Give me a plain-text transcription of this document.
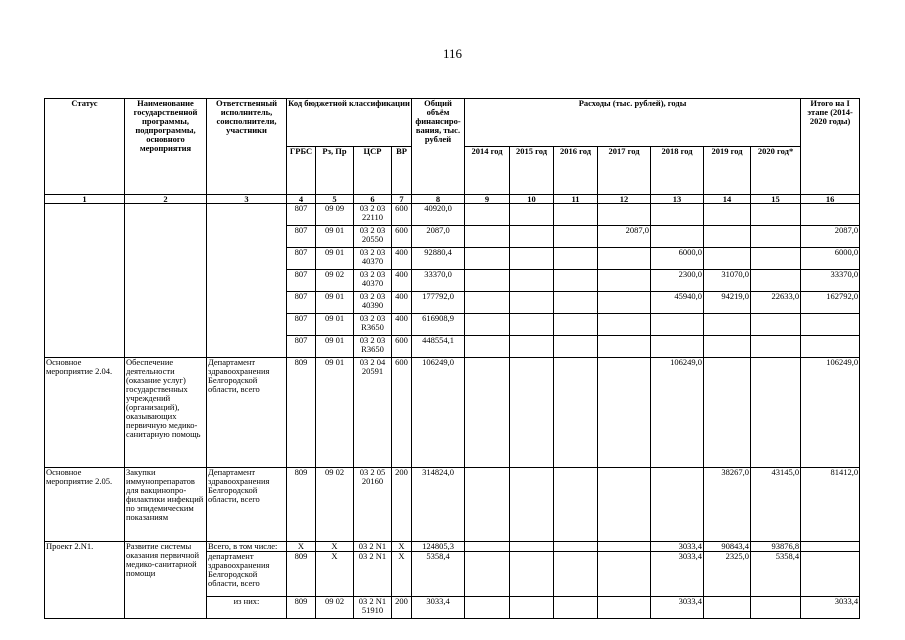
116
Статус	Наименование государственной программы, подпрограммы, основного мероприятия	Ответственный исполнитель, соисполнители, участники	Код бюджетной классификации				Общий объём финансиро-вания, тыс. рублей	Расходы (тыс. рублей), годы							Итого на I этапе (2014-2020 годы)
			ГРБС	Рз, Пр	ЦСР	ВР		2014 год	2015 год	2016 год	2017 год	2018 год	2019 год	2020 год*	
1	2	3	4	5	6	7	8	9	10	11	12	13	14	15	16
			807	09 09	03 2 03 22110	600	40920,0								
			807	09 01	03 2 03 20550	600	2087,0				2087,0				2087,0
			807	09 01	03 2 03 40370	400	92880,4					6000,0			6000,0
			807	09 02	03 2 03 40370	400	33370,0					2300,0	31070,0		33370,0
			807	09 01	03 2 03 40390	400	177792,0					45940,0	94219,0	22633,0	162792,0
			807	09 01	03 2 03 R3650	400	616908,9								
			807	09 01	03 2 03 R3650	600	448554,1								
Основное мероприятие 2.04.	Обеспечение деятельности (оказание услуг) государственных учреждений (организаций), оказывающих первичную медико-санитарную помощь	Департамент здравоохранения Белгородской области, всего	809	09 01	03 2 04 20591	600	106249,0					106249,0			106249,0
Основное мероприятие 2.05.	Закупки иммунопрепаратов для вакцинопро-филактики инфекций по эпидемическим показаниям	Департамент здравоохранения Белгородской области, всего	809	09 02	03 2 05 20160	200	314824,0						38267,0	43145,0	81412,0
Проект 2.N1.	Развитие системы оказания первичной медико-санитарной помощи	Всего, в том числе:	X	X	03 2 N1	X	124805,3					3033,4	90843,4	93876,8	
		департамент здравоохранения Белгородской области, всего	809	X	03 2 N1	X	5358,4					3033,4	2325,0	5358,4	
		из них:	809	09 02	03 2 N1 51910	200	3033,4					3033,4			3033,4
